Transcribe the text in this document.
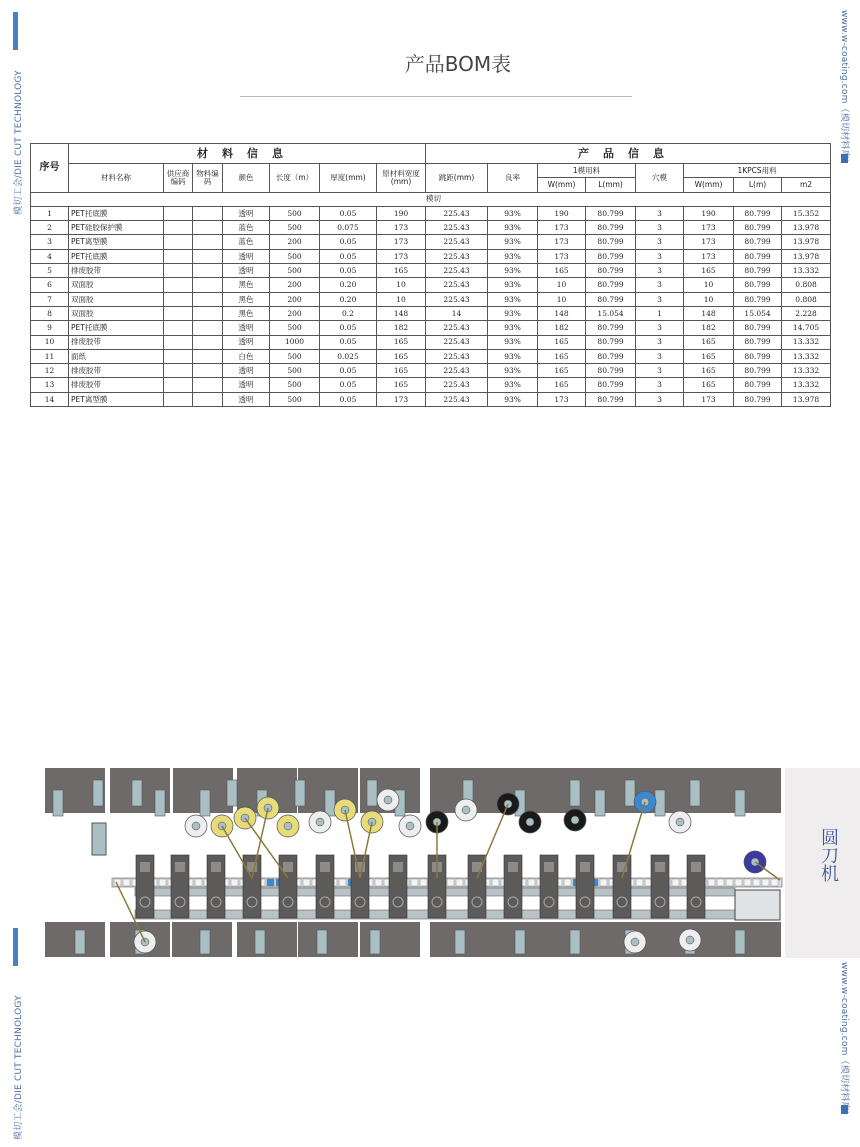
模切工会/DIE CUT TECHNOLOGY
模切工会/DIE CUT TECHNOLOGY
www.w-coating.com（模切材料库）
www.w-coating.com（模切材料库）
产品BOM表
序号	材料信息							产品信息							
	材料名称	供应商编码	物料编码	颜色	长度（m）	厚度(mm)	原材料宽度(mm)	跳距(mm)	良率	1模用料		穴模	1KPCS用料		
										W(mm)	L(mm)		W(mm)	L(m)	m2
模切															
1	PET托底膜			透明	500	0.05	190	225.43	93%	190	80.799	3	190	80.799	15.352
2	PET硅胶保护膜			蓝色	500	0.075	173	225.43	93%	173	80.799	3	173	80.799	13.978
3	PET离型膜			蓝色	200	0.05	173	225.43	93%	173	80.799	3	173	80.799	13.978
4	PET托底膜			透明	500	0.05	173	225.43	93%	173	80.799	3	173	80.799	13.978
5	排废胶带			透明	500	0.05	165	225.43	93%	165	80.799	3	165	80.799	13.332
6	双面胶			黑色	200	0.20	10	225.43	93%	10	80.799	3	10	80.799	0.808
7	双面胶			黑色	200	0.20	10	225.43	93%	10	80.799	3	10	80.799	0.808
8	双面胶			黑色	200	0.2	148	14	93%	148	15.054	1	148	15.054	2.228
9	PET托底膜			透明	500	0.05	182	225.43	93%	182	80.799	3	182	80.799	14.705
10	排废胶带			透明	1000	0.05	165	225.43	93%	165	80.799	3	165	80.799	13.332
11	面纸			白色	500	0.025	165	225.43	93%	165	80.799	3	165	80.799	13.332
12	排废胶带			透明	500	0.05	165	225.43	93%	165	80.799	3	165	80.799	13.332
13	排废胶带			透明	500	0.05	165	225.43	93%	165	80.799	3	165	80.799	13.332
14	PET离型膜			透明	500	0.05	173	225.43	93%	173	80.799	3	173	80.799	13.978
圆刀机
